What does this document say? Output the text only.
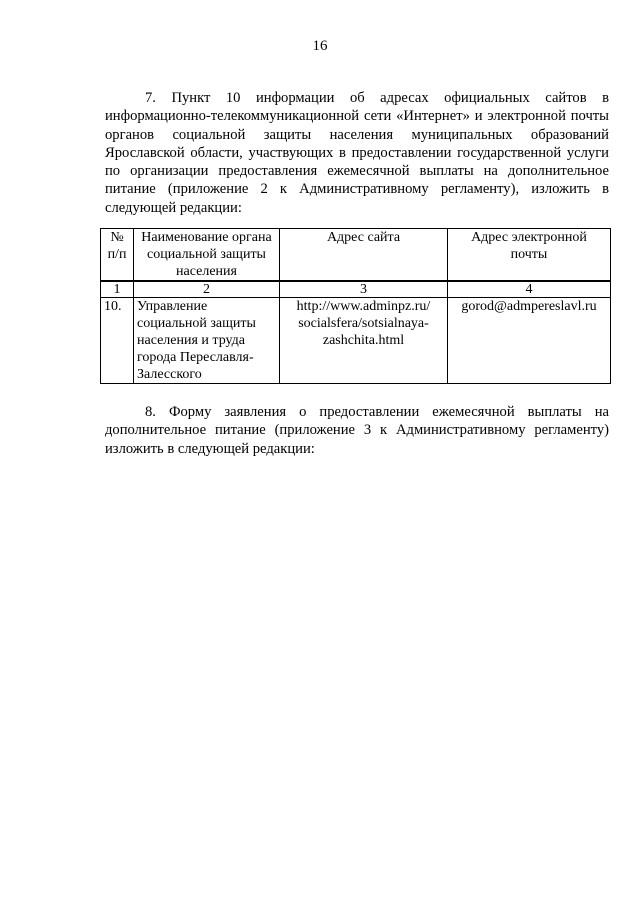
16

7. Пункт 10 информации об адресах официальных сайтов в информационно-телекоммуникационной сети «Интернет» и электронной почты органов социальной защиты населения муниципальных образований Ярославской области, участвующих в предоставлении государственной услуги по организации предоставления ежемесячной выплаты на дополнительное питание (приложение 2 к Административному регламенту), изложить в следующей редакции:

№ п/п	Наименование органа социальной защиты населения	Адрес сайта	Адрес электронной почты
1	2	3	4
10.	Управление социальной защиты населения и труда города Переславля-Залесского	http://www.adminpz.ru/ socialsfera/sotsialnaya-zashchita.html	gorod@admpereslavl.ru

8. Форму заявления о предоставлении ежемесячной выплаты на дополнительное питание (приложение 3 к Административному регламенту) изложить в следующей редакции:
